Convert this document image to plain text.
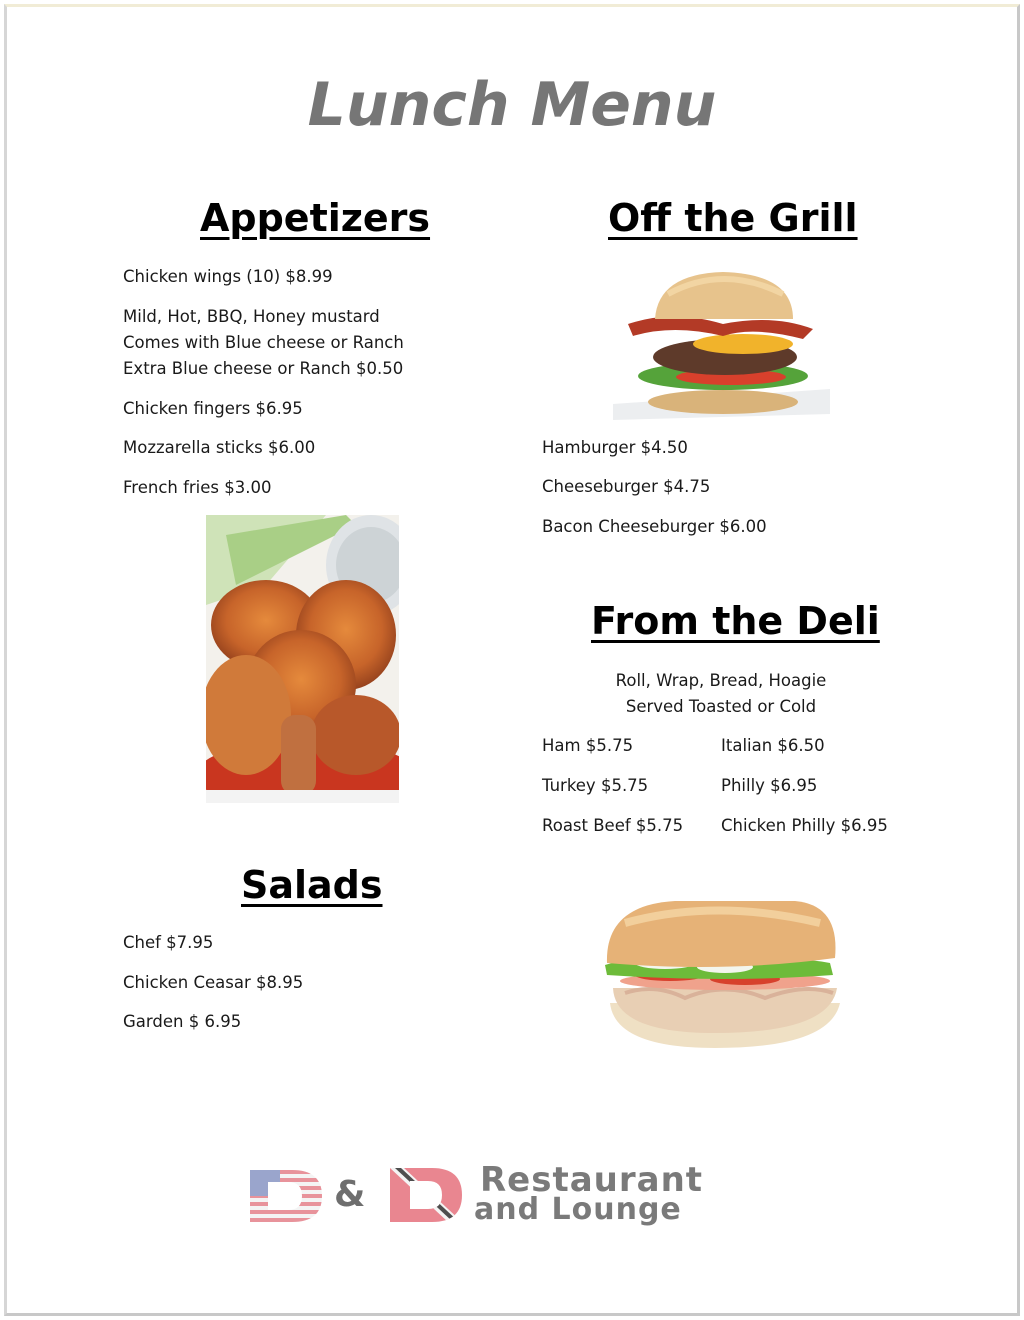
Lunch Menu
Appetizers
Chicken wings (10) $8.99
Mild, Hot, BBQ, Honey mustard
Comes with Blue cheese or Ranch
Extra Blue cheese or Ranch $0.50
Chicken fingers $6.95
Mozzarella sticks $6.00
French fries $3.00
Off the Grill
Hamburger $4.50
Cheeseburger $4.75
Bacon Cheeseburger $6.00
From the Deli
Roll, Wrap, Bread, Hoagie
Served Toasted or Cold
Ham $5.75
Turkey $5.75
Roast Beef $5.75
Italian $6.50
Philly $6.95
Chicken Philly $6.95
Salads
Chef $7.95
Chicken Ceasar $8.95
Garden $ 6.95
&	Restaurant
and Lounge
